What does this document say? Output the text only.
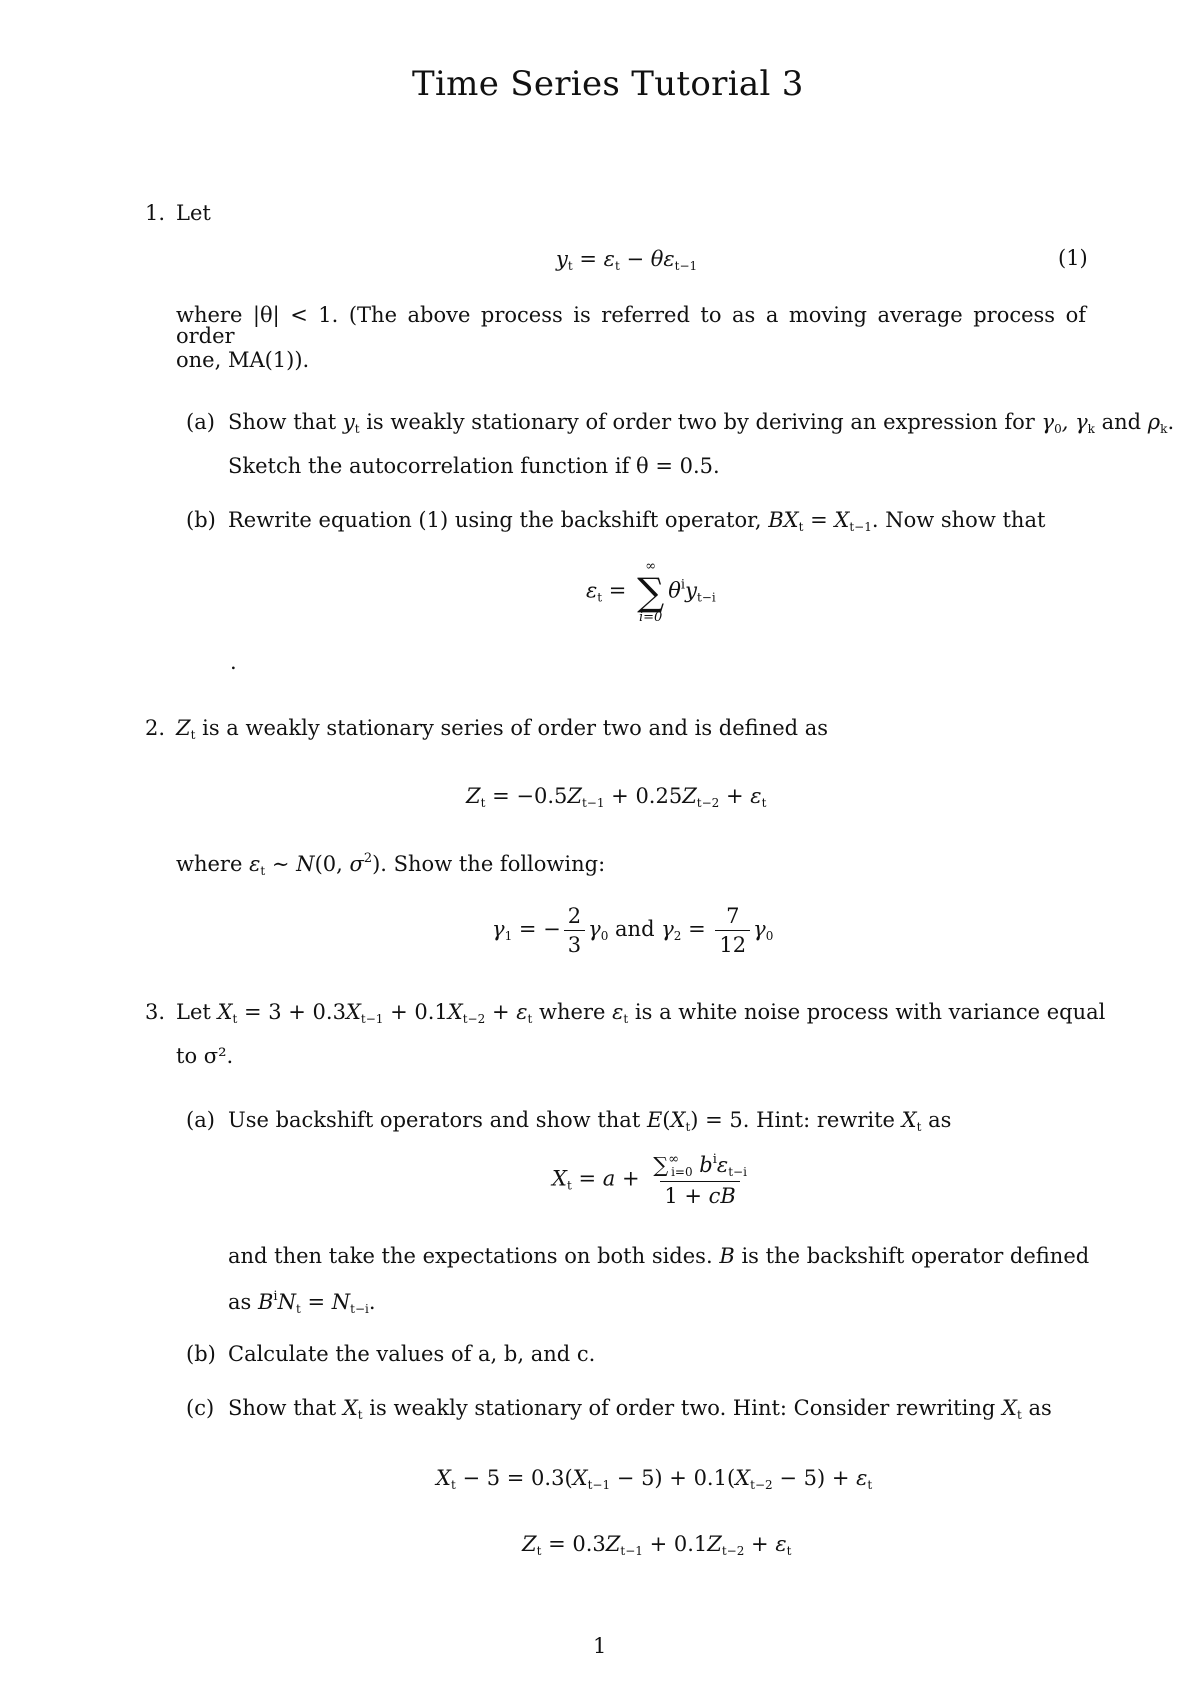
Time Series Tutorial 3
1. Let
$y_t = \varepsilon_t - \theta\varepsilon_{t-1}$	(1)
where |θ| < 1. (The above process is referred to as a moving average process of order
one, MA(1)).
(a) Show that $y_t$ is weakly stationary of order two by deriving an expression for $\gamma_0$, $\gamma_k$ and $\rho_k$.
Sketch the autocorrelation function if θ = 0.5.
(b) Rewrite equation (1) using the backshift operator, $BX_t = X_{t-1}$. Now show that
$\varepsilon_t$ =
∞
∑
i=0
$\theta^iy_{t-i}$
.
2. $Z_t$ is a weakly stationary series of order two and is defined as
$Z_t = -0.5Z_{t-1} + 0.25Z_{t-2} + \varepsilon_t$
where $\varepsilon_t$ ∼ N(0, $\sigma^2$). Show the following:
$\gamma_1$ = − $\frac{2}{3} \gamma_0$ and $\gamma_2 = \frac{7}{12} \gamma_0$
3. Let $X_t = 3 + 0.3X_{t-1} + 0.1X_{t-2} + \varepsilon_t$ where $\varepsilon_t$ is a white noise process with variance equal
to σ².
(a) Use backshift operators and show that $E(X_t) = 5$. Hint: rewrite $X_t$ as
$X_t = a + \frac{\sum^\infty_{i=0} b^i\varepsilon_{t-i}}{1 + cB}$
and then take the expectations on both sides. B is the backshift operator defined
as $B^iN_t = N_{t-i}$.
(b) Calculate the values of a, b, and c.
(c) Show that $X_t$ is weakly stationary of order two. Hint: Consider rewriting $X_t$ as
$X_t - 5 = 0.3(X_{t-1} - 5) + 0.1(X_{t-2} - 5) + \varepsilon_t$
$Z_t = 0.3Z_{t-1} + 0.1Z_{t-2} + \varepsilon_t$
1
